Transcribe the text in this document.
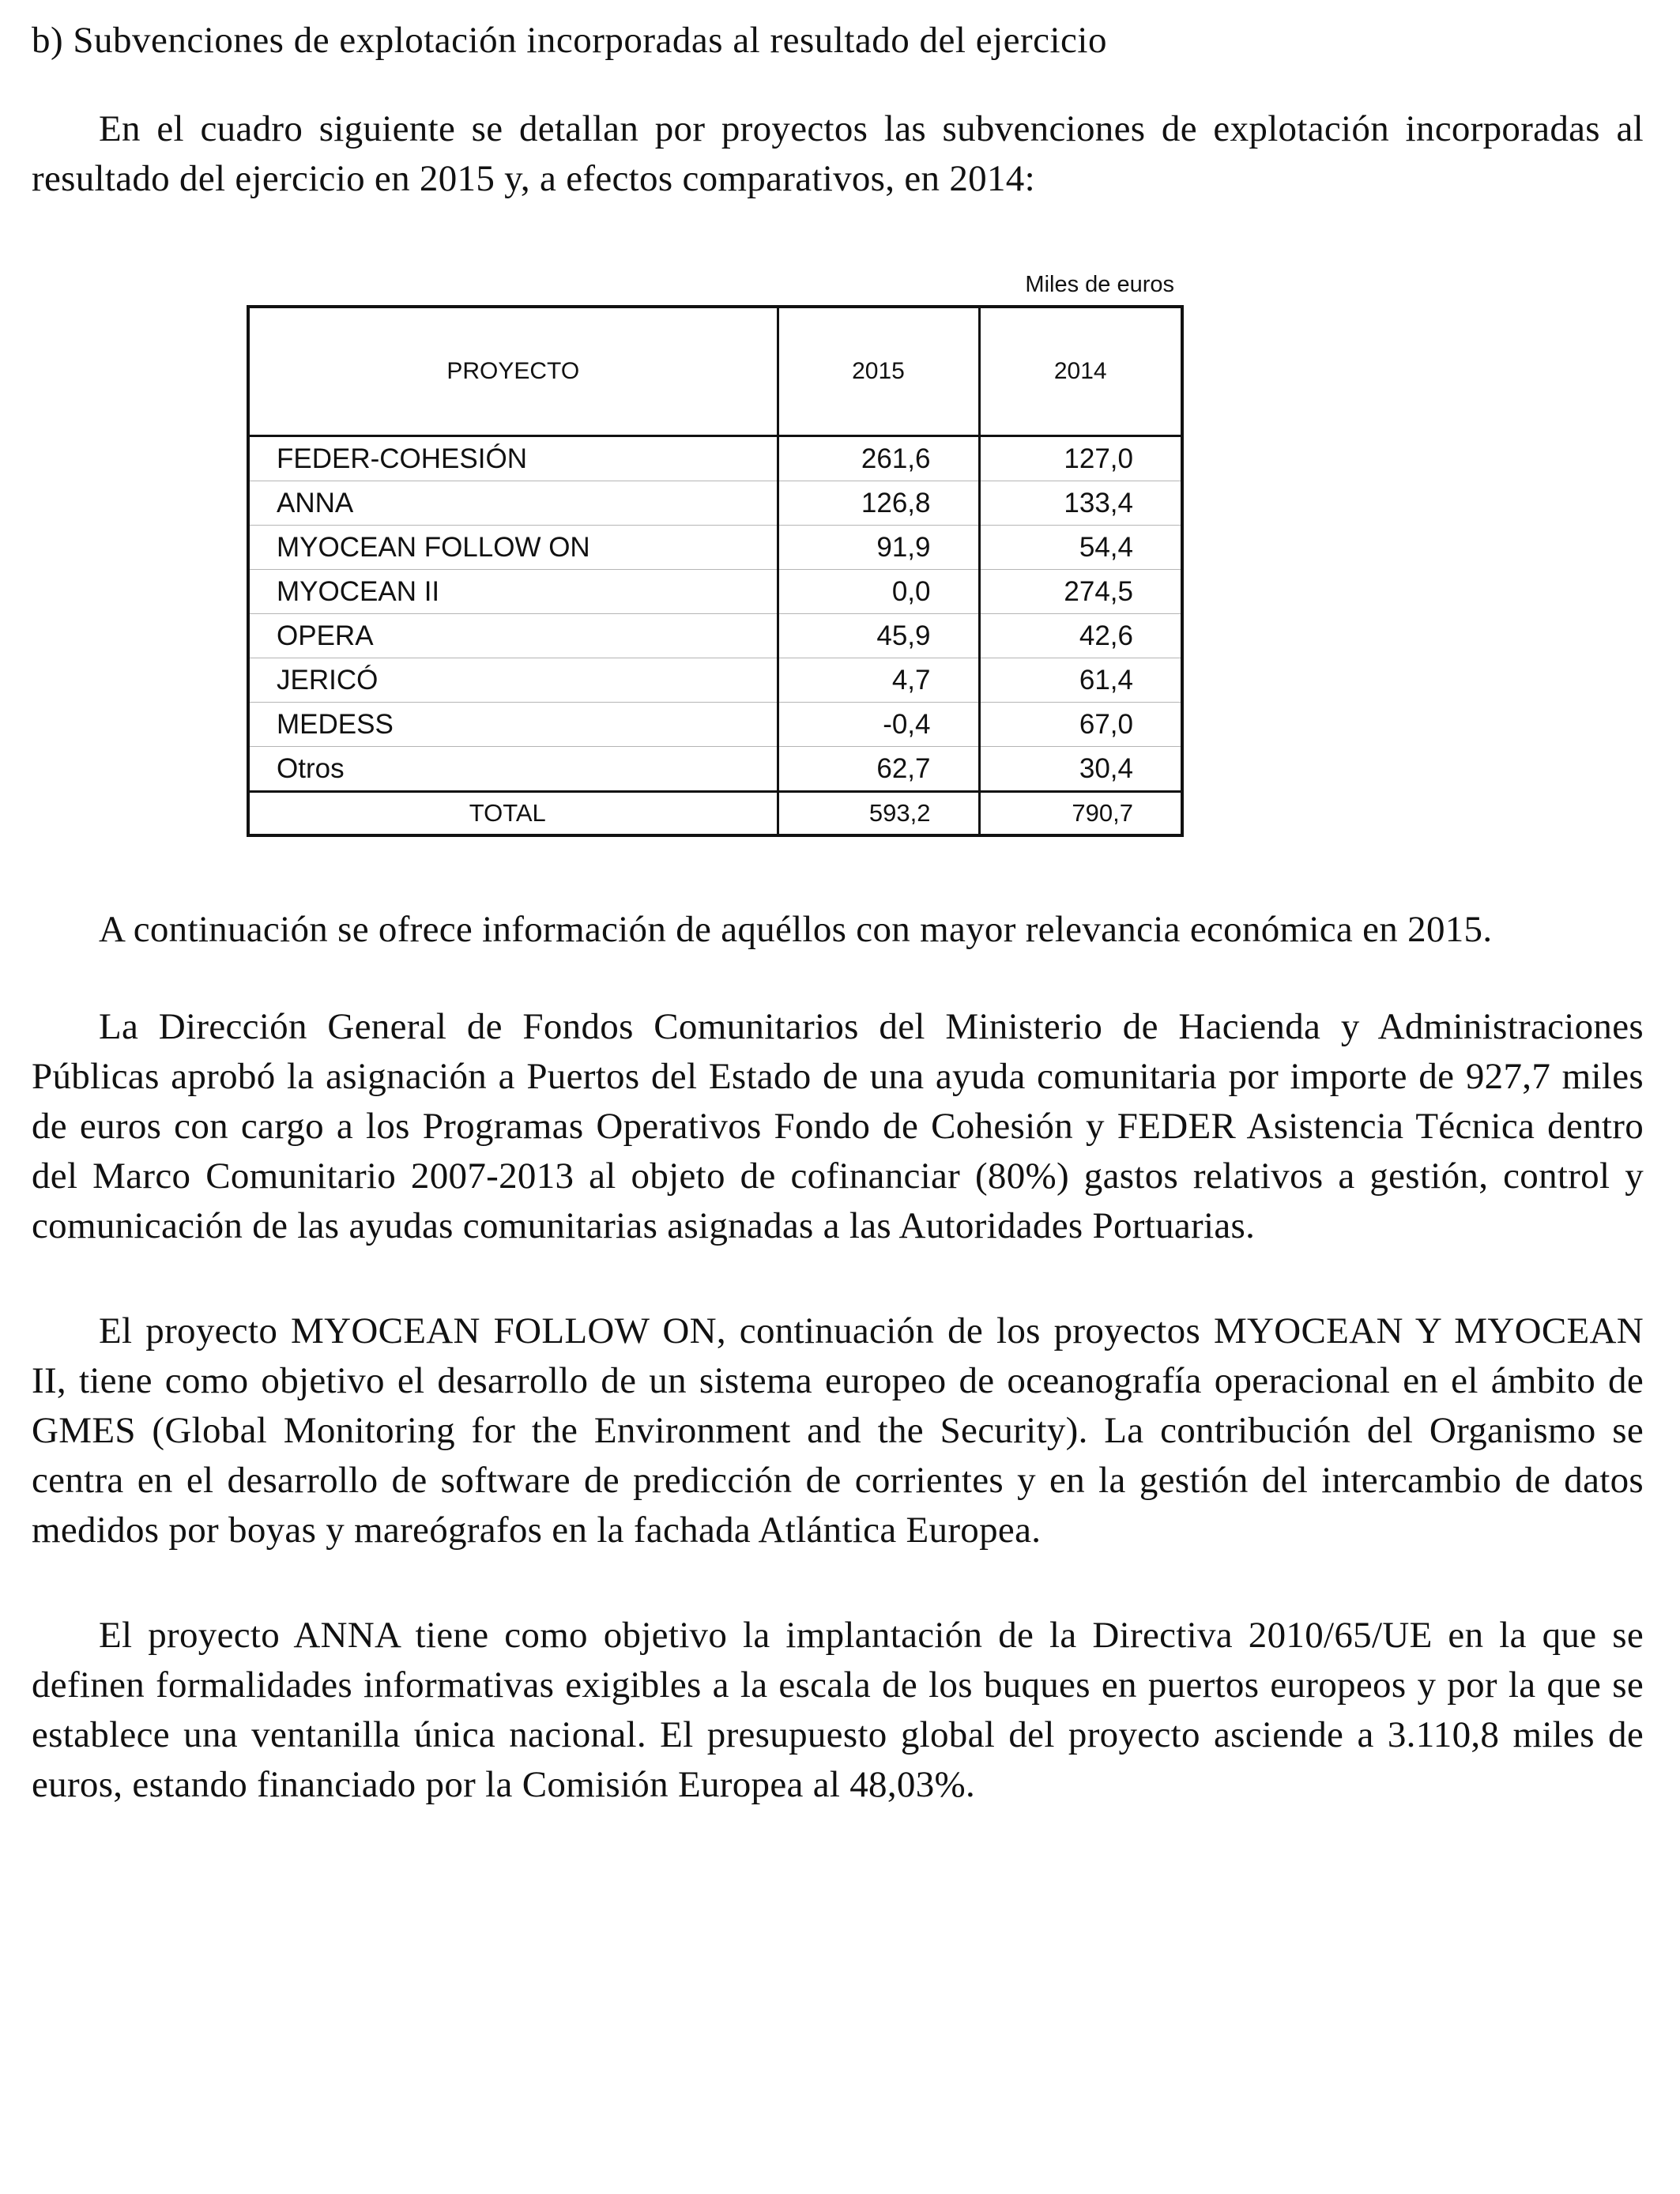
b) Subvenciones de explotación incorporadas al resultado del ejercicio

En el cuadro siguiente se detallan por proyectos las subvenciones de explotación incorporadas al resultado del ejercicio en 2015 y, a efectos comparativos, en 2014:

Miles de euros
PROYECTO	2015	2014
FEDER-COHESIÓN	261,6	127,0
ANNA	126,8	133,4
MYOCEAN FOLLOW ON	91,9	54,4
MYOCEAN II	0,0	274,5
OPERA	45,9	42,6
JERICÓ	4,7	61,4
MEDESS	-0,4	67,0
Otros	62,7	30,4
TOTAL	593,2	790,7

A continuación se ofrece información de aquéllos con mayor relevancia económica en 2015.

La Dirección General de Fondos Comunitarios del Ministerio de Hacienda y Administraciones Públicas aprobó la asignación a Puertos del Estado de una ayuda comunitaria por importe de 927,7 miles de euros con cargo a los Programas Operativos Fondo de Cohesión y FEDER Asistencia Técnica dentro del Marco Comunitario 2007-2013 al objeto de cofinanciar (80%) gastos relativos a gestión, control y comunicación de las ayudas comunitarias asignadas a las Autoridades Portuarias.

El proyecto MYOCEAN FOLLOW ON, continuación de los proyectos MYOCEAN Y MYOCEAN II, tiene como objetivo el desarrollo de un sistema europeo de oceanografía operacional en el ámbito de GMES (Global Monitoring for the Environment and the Security). La contribución del Organismo se centra en el desarrollo de software de predicción de corrientes y en la gestión del intercambio de datos medidos por boyas y mareógrafos en la fachada Atlántica Europea.

El proyecto ANNA tiene como objetivo la implantación de la Directiva 2010/65/UE en la que se definen formalidades informativas exigibles a la escala de los buques en puertos europeos y por la que se establece una ventanilla única nacional. El presupuesto global del proyecto asciende a 3.110,8 miles de euros, estando financiado por la Comisión Europea al 48,03%.
